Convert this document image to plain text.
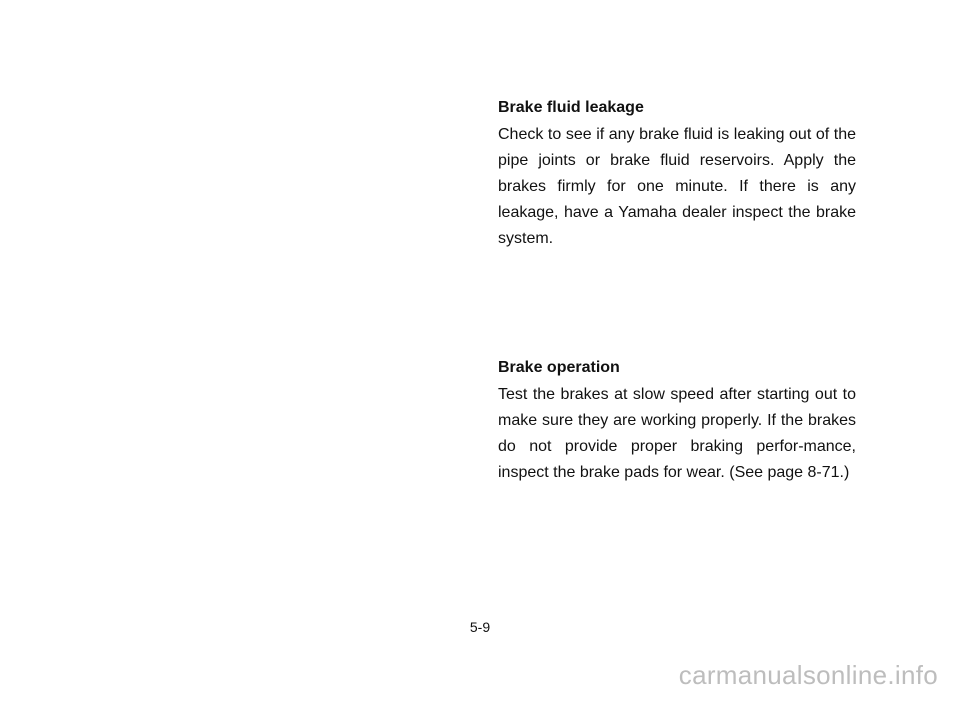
Brake fluid leakage

Check to see if any brake fluid is leaking out of the pipe joints or brake fluid reservoirs. Apply the brakes firmly for one minute. If there is any leakage, have a Yamaha dealer inspect the brake system.

Brake operation

Test the brakes at slow speed after starting out to make sure they are working properly. If the brakes do not provide proper braking perfor-mance, inspect the brake pads for wear. (See page 8-71.)

5-9
carmanualsonline.info
